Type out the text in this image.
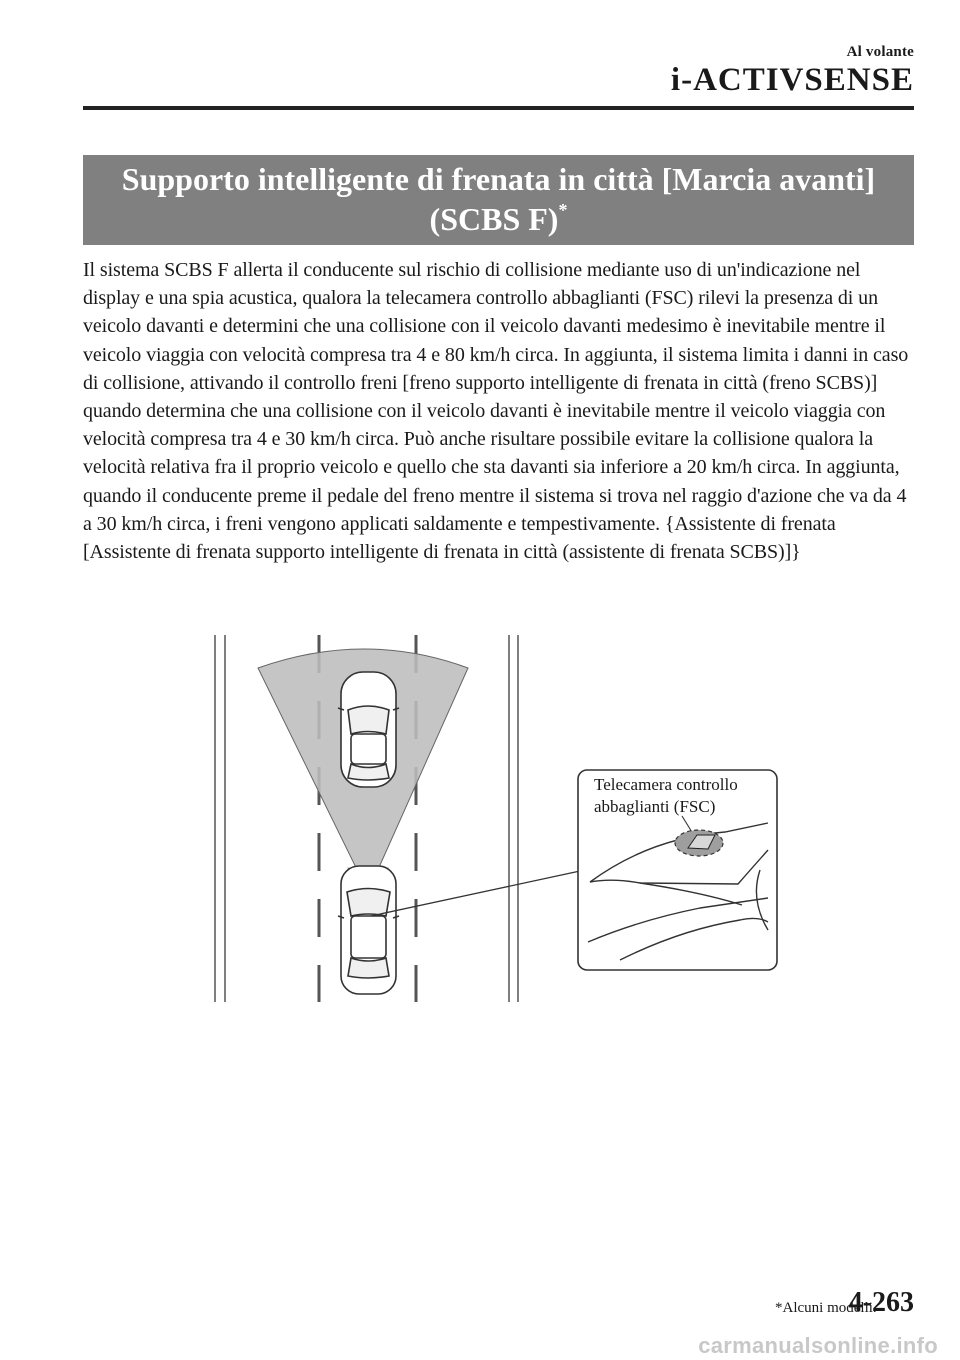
Al volante
i-ACTIVSENSE
Supporto intelligente di frenata in città [Marcia avanti]
(SCBS F)*

Il sistema SCBS F allerta il conducente sul rischio di collisione mediante uso di un'indicazione nel display e una spia acustica, qualora la telecamera controllo abbaglianti (FSC) rilevi la presenza di un veicolo davanti e determini che una collisione con il veicolo davanti medesimo è inevitabile mentre il veicolo viaggia con velocità compresa tra 4 e 80 km/h circa. In aggiunta, il sistema limita i danni in caso di collisione, attivando il controllo freni [freno supporto intelligente di frenata in città (freno SCBS)] quando determina che una collisione con il veicolo davanti è inevitabile mentre il veicolo viaggia con velocità compresa tra 4 e 30 km/h circa. Può anche risultare possibile evitare la collisione qualora la velocità relativa fra il proprio veicolo e quello che sta davanti sia inferiore a 20 km/h circa. In aggiunta, quando il conducente preme il pedale del freno mentre il sistema si trova nel raggio d'azione che va da 4 a 30 km/h circa, i freni vengono applicati saldamente e tempestivamente. {Assistente di frenata [Assistente di frenata supporto intelligente di frenata in città (assistente di frenata SCBS)]}

Telecamera controllo
abbaglianti (FSC)
*Alcuni modelli.
4-263
carmanualsonline.info
